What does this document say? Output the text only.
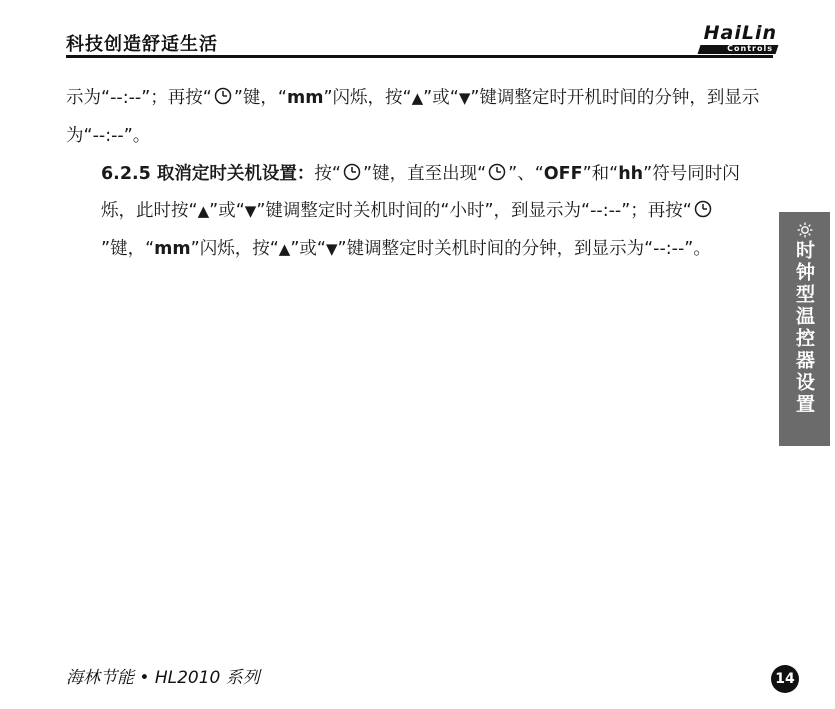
科技创造舒适生活
HaiLin
Controls

示为“--:--”；再按“ ”键，“mm”闪烁，按“▲”或“▼”键调整定时开机时间的分钟，到显示为“--:--”。

6.2.5 取消定时关机设置：按“ ”键，直至出现“ ”、“OFF”和“hh”符号同时闪烁，此时按“▲”或“▼”键调整定时关机时间的“小时”，到显示为“--:--”；再按“”键，“mm”闪烁，按“▲”或“▼”键调整定时关机时间的分钟，到显示为“--:--”。	时钟型温控器设置
海林节能 • HL2010 系列	14
